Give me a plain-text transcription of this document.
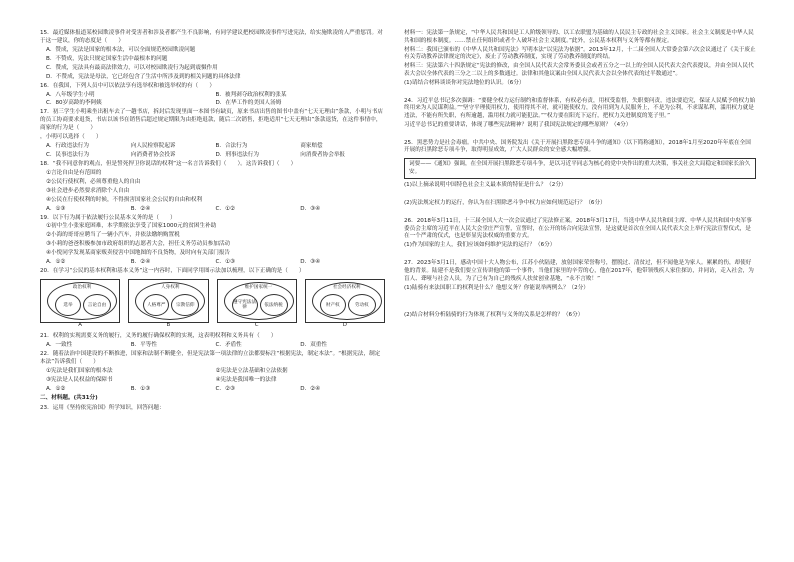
15．最近媒体报道某校园欺凌事件对受害者和涉及者都产生不良影响，有同学建议把校园欺凌事件写进宪法，给实施欺凌的人严重惩罚。对于这一建议，你的态度是（　　）

A．赞成，宪法是国家的根本法，可以全面规范校园欺凌问题

B．不赞成，宪法只规定国家生活中最根本的问题

C．赞成，宪法具有最高法律效力，可以对校园欺凌行为起到震慑作用

D．不赞成，宪法是母法，它已经包含了生活中所涉及到的相关问题的具体法律

16．在我国，下列人员中可以依法享有选举权和被选举权的有（　　）

A．八年级学生小明	B．被判剥夺政治权利的张某
C．80岁高龄的李阿姨	D．在华工作的美国人汤姆

17．初三学生小明乘坐出租车去了一趟书店，拆封后发现里面一本图书有缺页，原来书店出售的图书中盖有“七天无理由”条款，小明与书店的员工协商要求退货，书店以该书在销售后超过规定期限为由拒绝退款，随后二次销售，拒绝适用“七天无理由”条款退货，在这件事情中，商家的行为是（　　）

，小明可以选择（　　）

A．行政违法行为	向人民检察院起诉	B．合法行为	商家赔偿
C．民事违法行为	向消费者协会投诉	D．刑事违法行为	向消费者协会举报

18．“我不同意你的观点，但是誓死捍卫你说话的权利”这一名言告诉我们（　　）。这告诉我们（　　）

①言论自由是有范围的

②公民行使权利，必须尊重他人的自由

③社会进步必然要求消除个人自由

④公民在行使权利的时候，不得损害国家社会公民的自由和权利

A．①③	B．②④	C．①②	D．③④

19．以下行为属于依法履行公民基本义务的是（　　）

①初中生小张家庭困难，本学期依法享受了国家1000元的贫困生补助

②小海的哥哥应聘当了一辆小汽车，并依法缴纳购置税

③小莉的爸爸积极参加市政府组织的志愿者大会，担任义务劳动员参加活动

④小悦同学发现某商家贩卖侵害中国地图的不良货物，及时向有关部门报告

A．①②	B．②④	C．①③	D．③④

20．在学习“公民的基本权利和基本义务”这一内容时，下面同学用图示法加以梳理，以下正确的是（　　）

政治权利
选举	言论自由
A
人身权利
人格尊严 宗教信仰
B
维护国家统一
遵守宪法法律	依法纳税
C
社会经济权利
财产权	劳动权
D

21．权利的实现需要义务的履行，义务的履行确保权利的实现，这表明权利和义务具有（　　）

A．一致性	B．平等性	C．矛盾性	D．双重性

22．随着法治中国建设的不断推进，国家和法制不断健全，但是宪法第一项法律的立法都要标注“根据宪法，制定本法”。“根据宪法，制定本法”告诉我们（　　）

①宪法是我们国家的根本法	②宪法是立法基础和立法依据
③宪法是人民权益的保障书	④宪法是我国唯一的法律
A．①②	B．①③	C．②③	D．②④

二、材料题。(共31分)

23．运用《坚持依宪治国》所学知识，回答问题：

材料一：宪法第一条规定，“中华人民共和国是工人阶级领导的、以工农联盟为基础的人民民主专政的社会主义国家。社会主义制度是中华人民共和国的根本制度。……禁止任何组织或者个人破坏社会主义制度。”此外，公民基本权利与义务等都有规定。

材料二：我国已颁布的《中华人民共和国宪法》写明本法“以宪法为依据”。2013年12月，十二届全国人大常委会第六次会议通过了《关于废止有关劳动教养法律规定的决定》，废止了劳动教养制度，实现了劳动教养制度的终结。

材料三：宪法第六十四条规定“宪法的修改，由全国人民代表大会常务委员会或者五分之一以上的全国人民代表大会代表提议，并由全国人民代表大会以全体代表的三分之二以上的多数通过。法律和其他议案由全国人民代表大会以全体代表的过半数通过”。

(1)请结合材料谈谈你对宪法地位的认识。（6分）

24．习近平总书记多次强调：“要健全权力运行制约和监督体系，有权必有责，用权受监督，失职要问责，违法要追究，保证人民赋予的权力始终用来为人民谋利益。”“坚守平理使用权力，使用得其不对，就可能使权力，没有用到为人民服务上，不是为公利，不求谋私利，滥用权力就是违法，不能有所失职，有所逾越，滥用权力就可能犯法。”“权力要在阳光下运行，把权力关进制度的笼子里。”

习近平总书记的重要讲话，体现了哪些宪法精神？说明了我国宪法规定的哪些原则？（4分）

25．黑恶势力是社会毒瘤。中共中央、国务院发出《关于开展扫黑除恶专项斗争的通知》（以下简称通知），2018年1月至2020年年底在全国开展的扫黑除恶专项斗争，取得明显成效，广大人民群众的安全感大幅增强。

词要——《通知》强调，在全国开展扫黑除恶专项斗争，是以习近平同志为核心的党中央作出的重大决策，事关社会大局稳定和国家长治久安。

(1)以上摘录说明中国特色社会主义最本质的特征是什么？（2分）

(2)宪法规定权力的运行，你认为在扫黑除恶斗争中权力应如何规范运行？（6分）

26．2018年3月11日，十三届全国人大一次会议通过了宪法修正案。2018年3月17日，当选中华人民共和国主席、中华人民共和国中央军事委员会主席的习近平在人民大会堂庄严宣誓，宣誓时，在公开的场合向宪法宣誓，是这就是首次在全国人民代表大会上举行宪法宣誓仪式，是在一个严肃的仪式，也是彰显宪法权威的重要方式。

(1)作为国家的主人，我们应该如何维护宪法的运行？（6分）

27．2023年3月1日，感动中国十大人物公布，江苏小伙陆建，放射国家荣誉称号，摆脱过、清贫过，但不闻他是为家人。累累的伤，却使好他的背景。陆建不是我们要立宣传讲他的第一个事件，当他们家里的辛劳的心，他在2017年，他带领残疾人家住探访，并同访，走入社会，为盲人、聋哑与社会人员，为了已有为自己的残疾人扶贫创业基地，“永不言败！”

(1)陆骑有来法国职工的权利是什么？他想义务？你能说举两例么？（2分）

(2)结合材料分析陆骑的行为体现了权利与义务的关系是怎样的？（6分）
